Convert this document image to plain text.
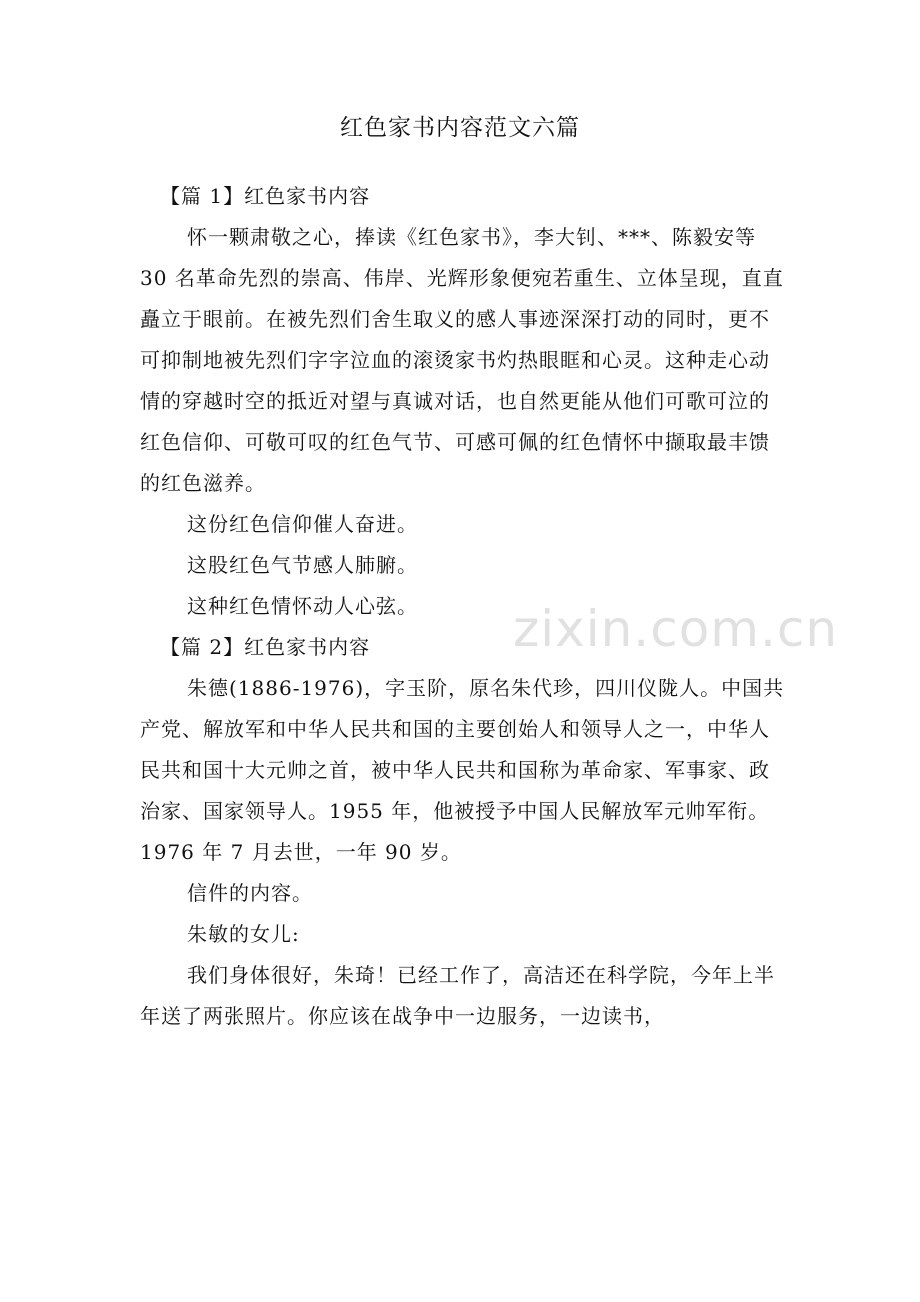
红色家书内容范文六篇

【篇 1】红色家书内容

怀一颗肃敬之心，捧读《红色家书》，李大钊、***、陈毅安等 30 名革命先烈的崇高、伟岸、光辉形象便宛若重生、立体呈现，直直矗立于眼前。在被先烈们舍生取义的感人事迹深深打动的同时，更不可抑制地被先烈们字字泣血的滚烫家书灼热眼眶和心灵。这种走心动情的穿越时空的抵近对望与真诚对话，也自然更能从他们可歌可泣的红色信仰、可敬可叹的红色气节、可感可佩的红色情怀中撷取最丰馈的红色滋养。

这份红色信仰催人奋进。

这股红色气节感人肺腑。

这种红色情怀动人心弦。

【篇 2】红色家书内容

朱德(1886-1976)，字玉阶，原名朱代珍，四川仪陇人。中国共产党、解放军和中华人民共和国的主要创始人和领导人之一，中华人民共和国十大元帅之首，被中华人民共和国称为革命家、军事家、政治家、国家领导人。1955 年，他被授予中国人民解放军元帅军衔。1976 年 7 月去世，一年 90 岁。

信件的内容。

朱敏的女儿:

我们身体很好，朱琦！已经工作了，高洁还在科学院，今年上半年送了两张照片。你应该在战争中一边服务，一边读书，

zixin.com.cn
